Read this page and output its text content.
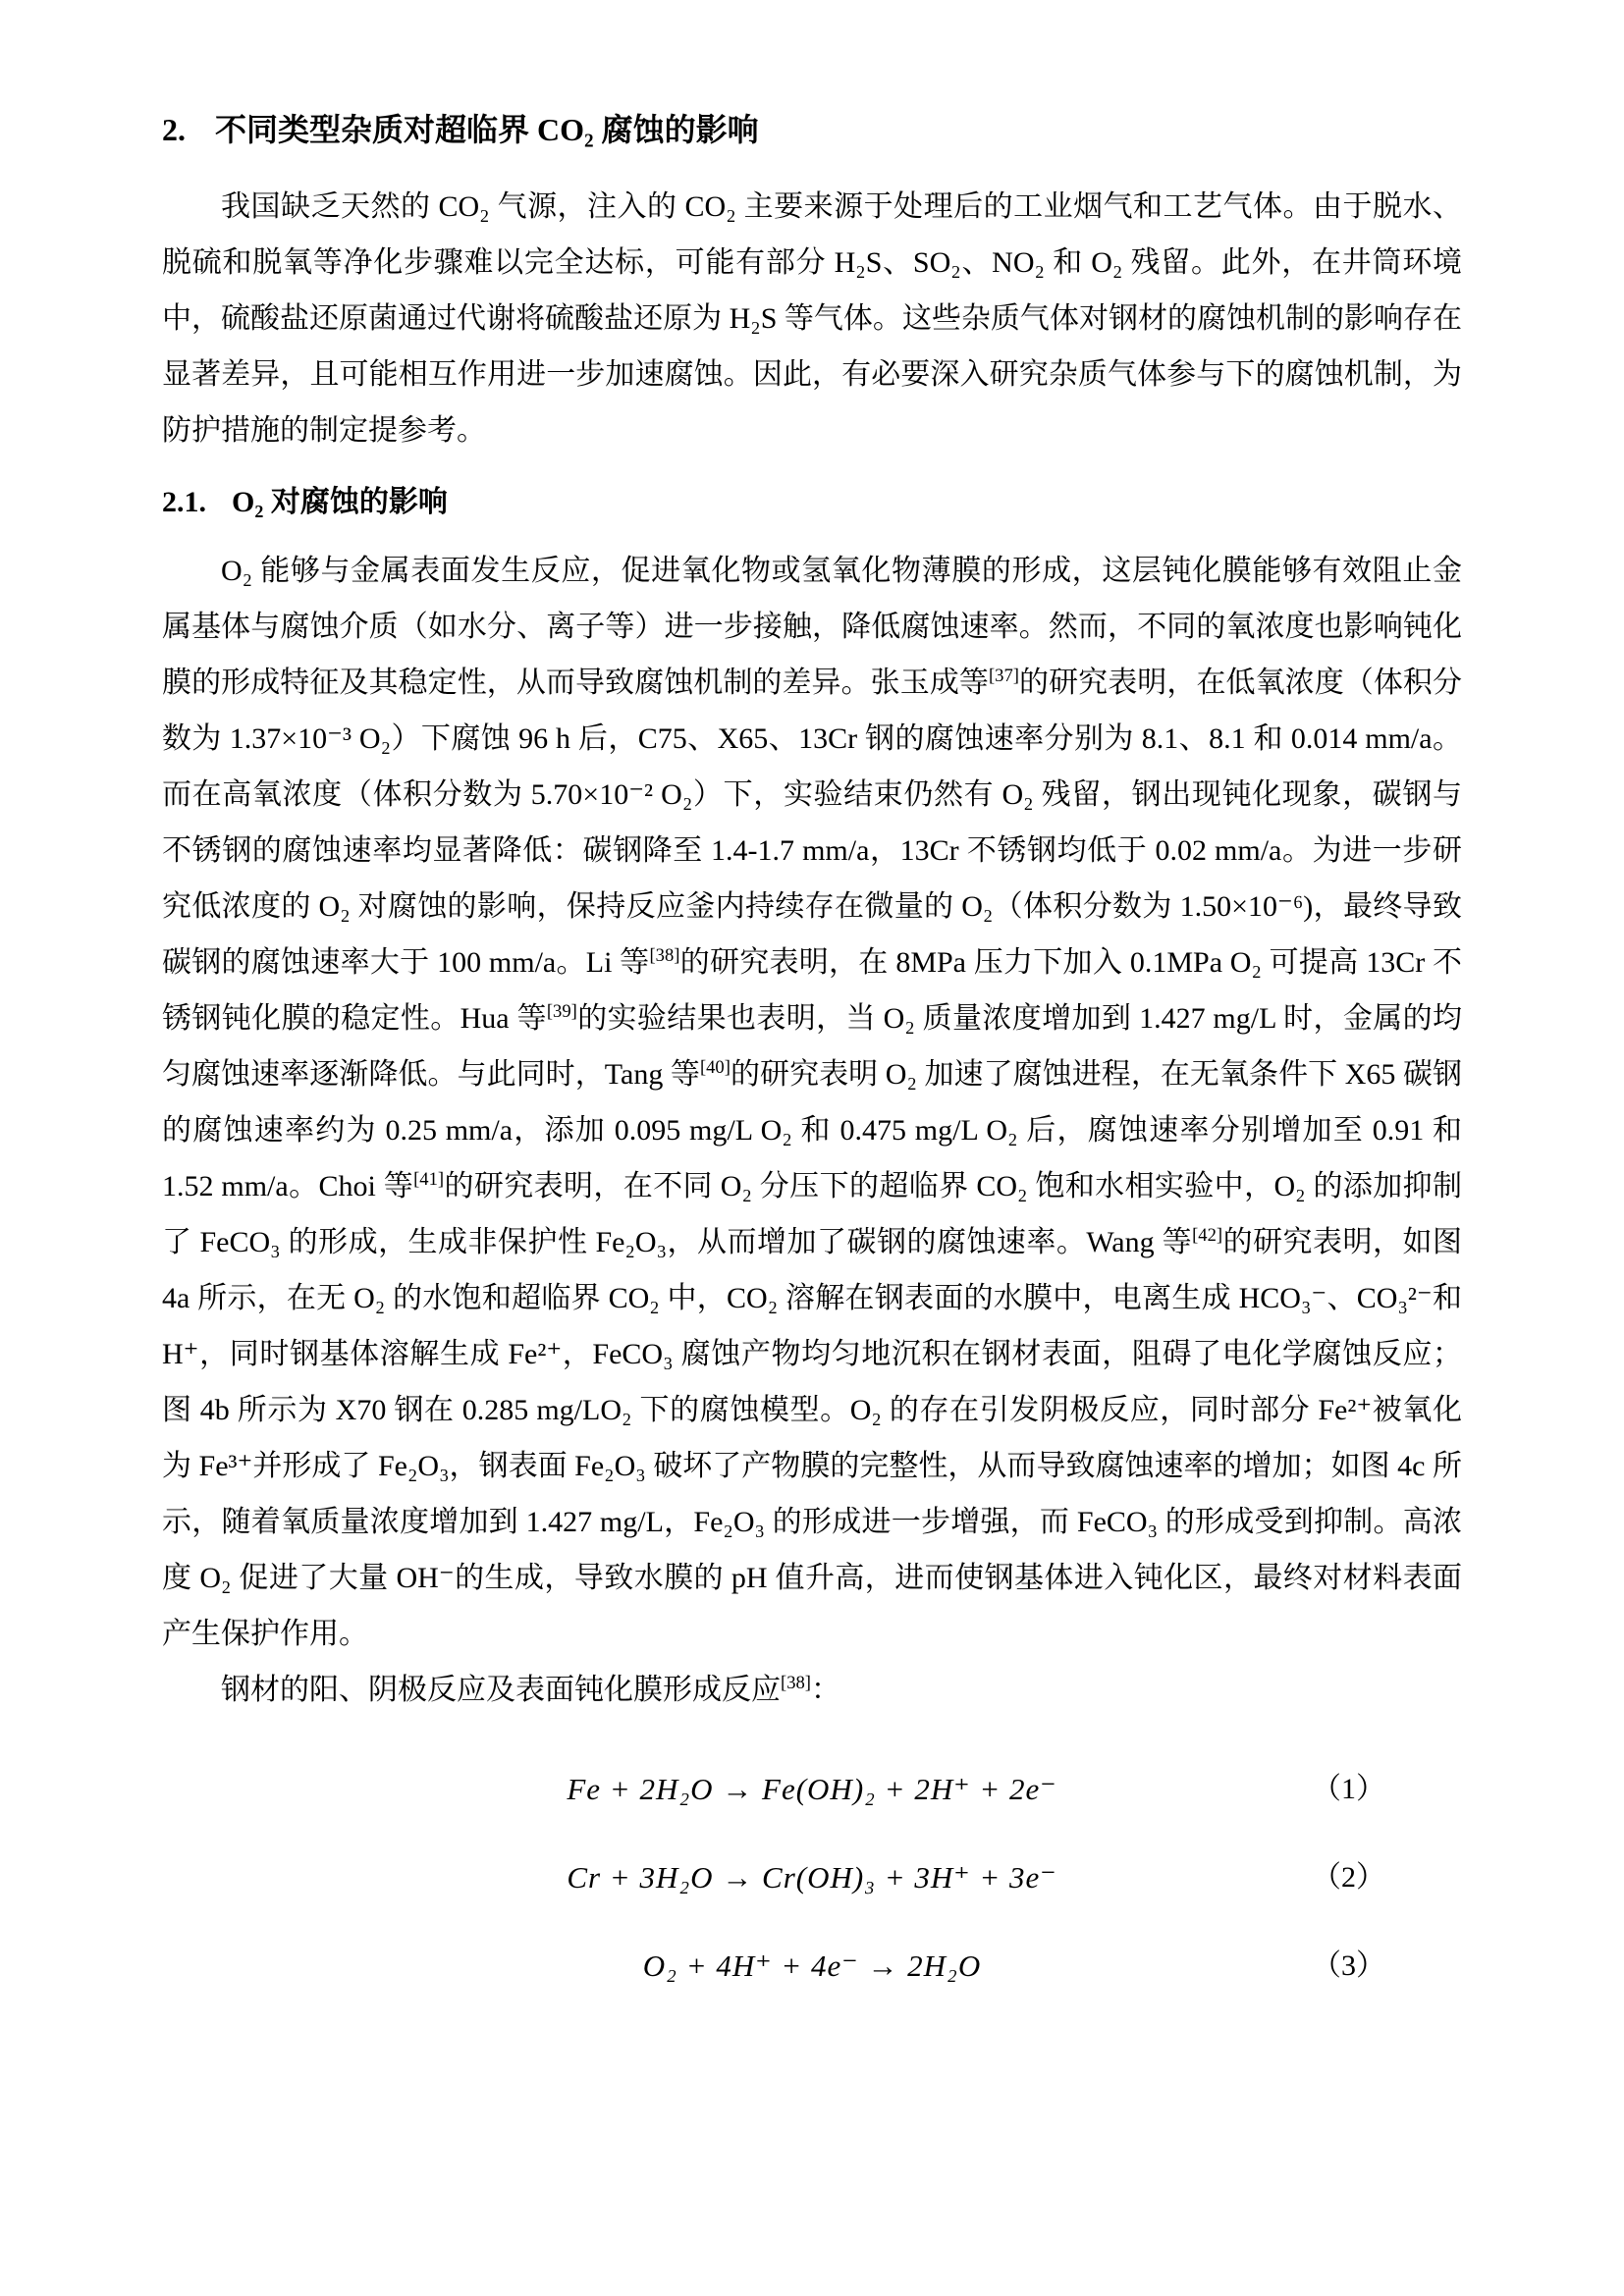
2. 不同类型杂质对超临界 CO₂ 腐蚀的影响

我国缺乏天然的 CO₂ 气源，注入的 CO₂ 主要来源于处理后的工业烟气和工艺气体。由于脱水、脱硫和脱氧等净化步骤难以完全达标，可能有部分 H₂S、SO₂、NO₂ 和 O₂ 残留。此外，在井筒环境中，硫酸盐还原菌通过代谢将硫酸盐还原为 H₂S 等气体。这些杂质气体对钢材的腐蚀机制的影响存在显著差异，且可能相互作用进一步加速腐蚀。因此，有必要深入研究杂质气体参与下的腐蚀机制，为防护措施的制定提参考。

2.1. O₂ 对腐蚀的影响

O₂ 能够与金属表面发生反应，促进氧化物或氢氧化物薄膜的形成，这层钝化膜能够有效阻止金属基体与腐蚀介质（如水分、离子等）进一步接触，降低腐蚀速率。然而，不同的氧浓度也影响钝化膜的形成特征及其稳定性，从而导致腐蚀机制的差异。张玉成等[37]的研究表明，在低氧浓度（体积分数为 1.37×10⁻³ O₂）下腐蚀 96 h 后，C75、X65、13Cr 钢的腐蚀速率分别为 8.1、8.1 和 0.014 mm/a。而在高氧浓度（体积分数为 5.70×10⁻² O₂）下，实验结束仍然有 O₂ 残留，钢出现钝化现象，碳钢与不锈钢的腐蚀速率均显著降低：碳钢降至 1.4-1.7 mm/a，13Cr 不锈钢均低于 0.02 mm/a。为进一步研究低浓度的 O₂ 对腐蚀的影响，保持反应釜内持续存在微量的 O₂（体积分数为 1.50×10⁻⁶)，最终导致碳钢的腐蚀速率大于 100 mm/a。Li 等[38]的研究表明，在 8MPa 压力下加入 0.1MPa O₂ 可提高 13Cr 不锈钢钝化膜的稳定性。Hua 等[39]的实验结果也表明，当 O₂ 质量浓度增加到 1.427 mg/L 时，金属的均匀腐蚀速率逐渐降低。与此同时，Tang 等[40]的研究表明 O₂ 加速了腐蚀进程，在无氧条件下 X65 碳钢的腐蚀速率约为 0.25 mm/a，添加 0.095 mg/L O₂ 和 0.475 mg/L O₂ 后，腐蚀速率分别增加至 0.91 和 1.52 mm/a。Choi 等[41]的研究表明，在不同 O₂ 分压下的超临界 CO₂ 饱和水相实验中，O₂ 的添加抑制了 FeCO₃ 的形成，生成非保护性 Fe₂O₃，从而增加了碳钢的腐蚀速率。Wang 等[42]的研究表明，如图 4a 所示，在无 O₂ 的水饱和超临界 CO₂ 中，CO₂ 溶解在钢表面的水膜中，电离生成 HCO₃⁻、CO₃²⁻和 H⁺，同时钢基体溶解生成 Fe²⁺，FeCO₃ 腐蚀产物均匀地沉积在钢材表面，阻碍了电化学腐蚀反应；图 4b 所示为 X70 钢在 0.285 mg/LO₂ 下的腐蚀模型。O₂ 的存在引发阴极反应，同时部分 Fe²⁺被氧化为 Fe³⁺并形成了 Fe₂O₃，钢表面 Fe₂O₃ 破坏了产物膜的完整性，从而导致腐蚀速率的增加；如图 4c 所示，随着氧质量浓度增加到 1.427 mg/L，Fe₂O₃ 的形成进一步增强，而 FeCO₃ 的形成受到抑制。高浓度 O₂ 促进了大量 OH⁻的生成，导致水膜的 pH 值升高，进而使钢基体进入钝化区，最终对材料表面产生保护作用。

钢材的阳、阴极反应及表面钝化膜形成反应[38]：

Fe + 2H₂O → Fe(OH)₂ + 2H⁺ + 2e⁻	（1）
Cr + 3H₂O → Cr(OH)₃ + 3H⁺ + 3e⁻	（2）
O₂ + 4H⁺ + 4e⁻ → 2H₂O	（3）
